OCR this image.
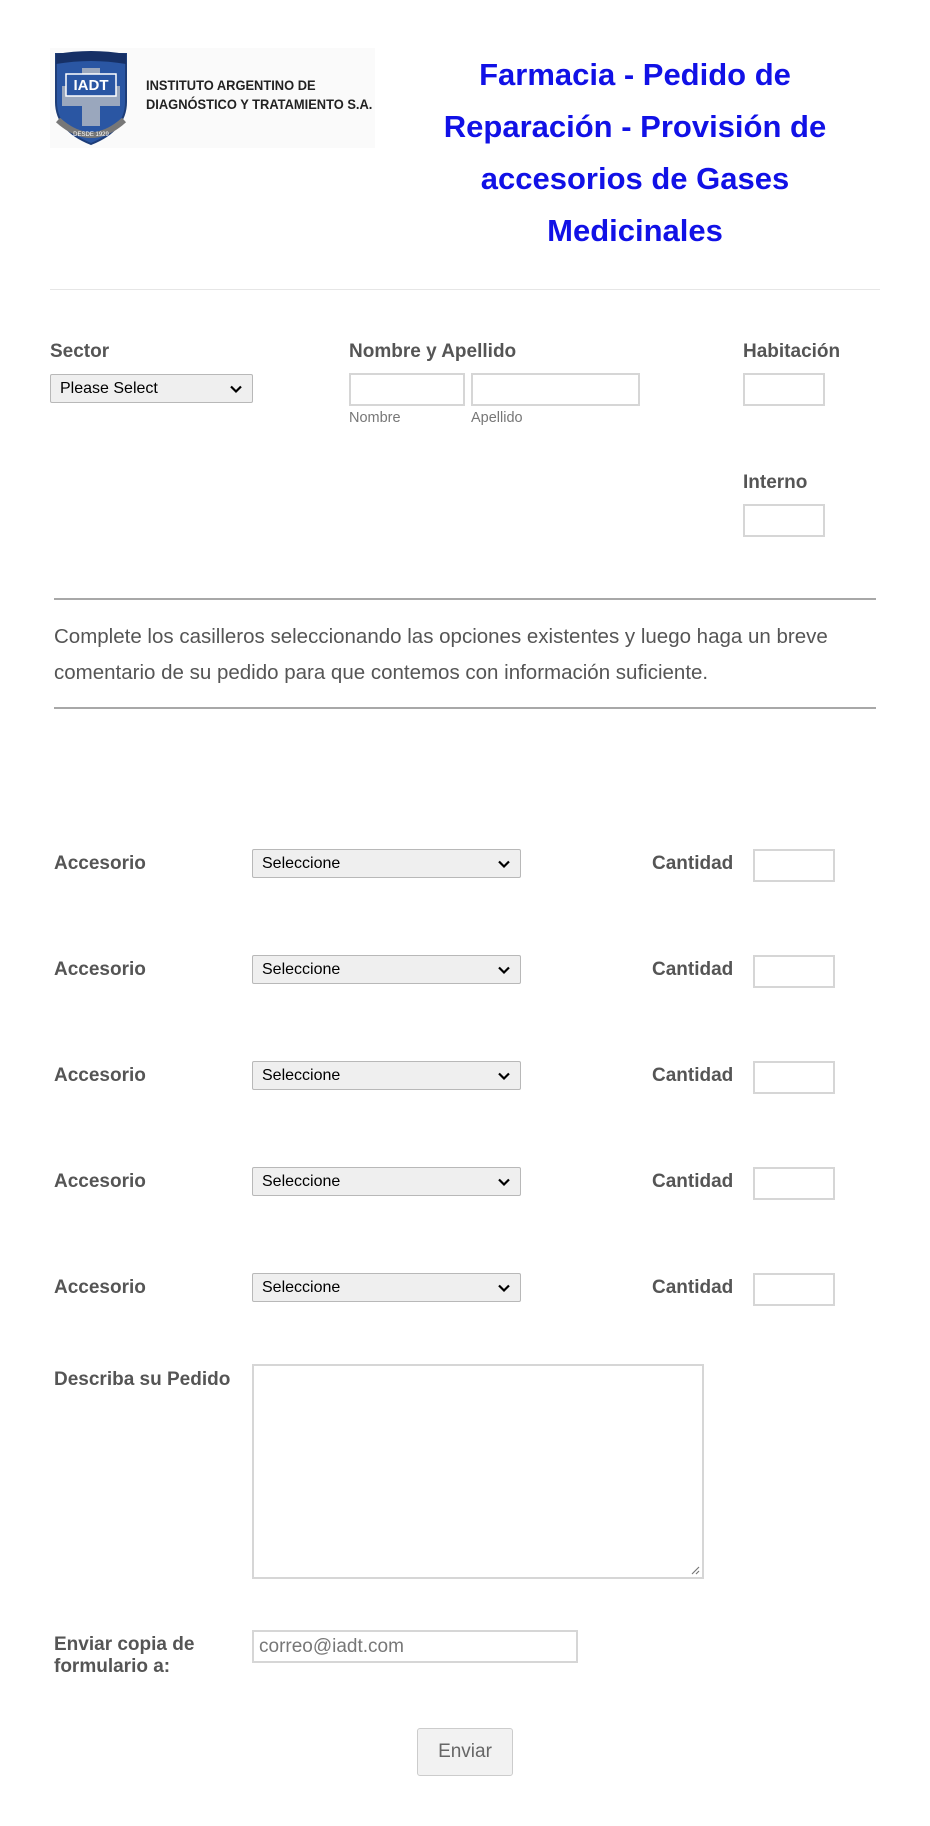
IADT
DESDE 1929
INSTITUTO ARGENTINO DE
DIAGNÓSTICO Y TRATAMIENTO S.A.
Farmacia - Pedido de
Reparación - Provisión de
accesorios de Gases
Medicinales
Sector
Please Select
Nombre y Apellido
Nombre	Apellido
Habitación
Interno
Complete los casilleros seleccionando las opciones existentes y luego haga un breve comentario de su pedido para que contemos con información suficiente.
Accesorio	Seleccione	Cantidad
Accesorio	Seleccione	Cantidad
Accesorio	Seleccione	Cantidad
Accesorio	Seleccione	Cantidad
Accesorio	Seleccione	Cantidad
Describa su Pedido
Enviar copia de
formulario a:
correo@iadt.com
Enviar
